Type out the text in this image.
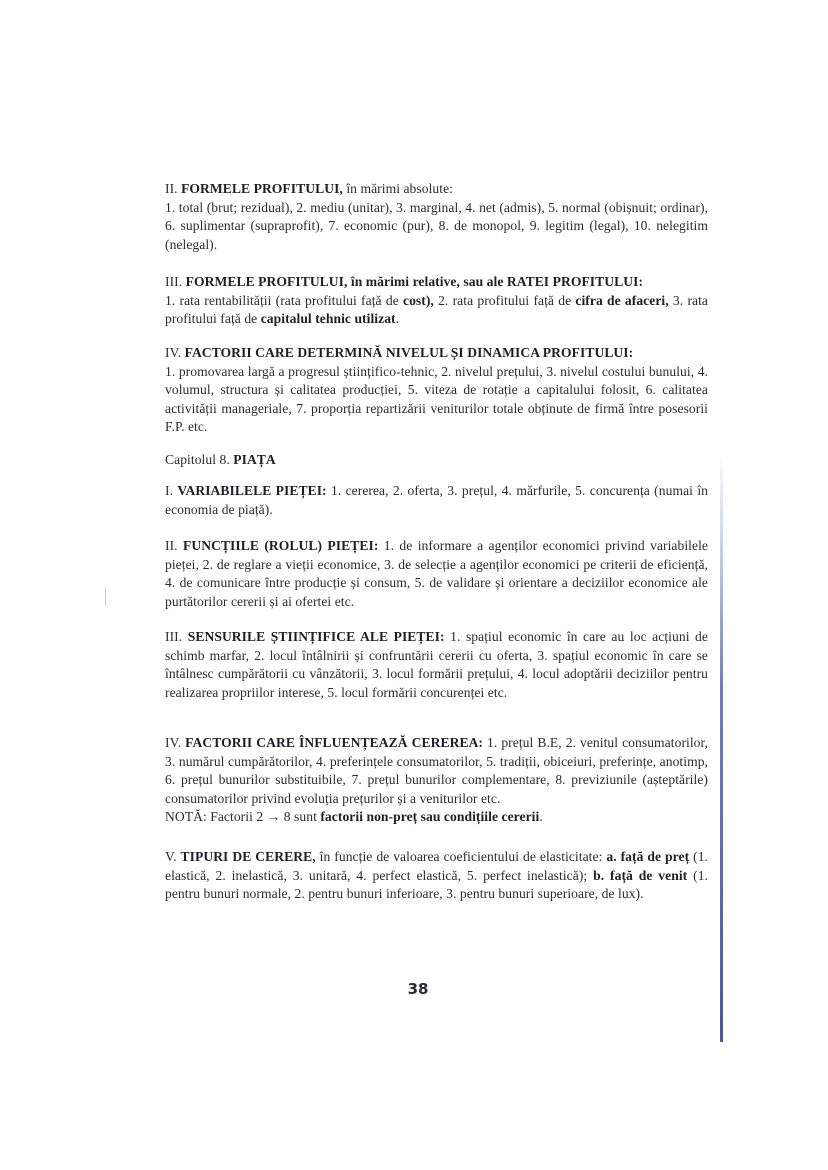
II. FORMELE PROFITULUI, în mărimi absolute:
1. total (brut; rezidual), 2. mediu (unitar), 3. marginal, 4. net (admis), 5. normal (obișnuit; ordinar), 6. suplimentar (supraprofit), 7. economic (pur), 8. de monopol, 9. legitim (legal), 10. nelegitim (nelegal).
III. FORMELE PROFITULUI, în mărimi relative, sau ale RATEI PROFITULUI:
1. rata rentabilității (rata profitului față de cost), 2. rata profitului față de cifra de afaceri, 3. rata profitului față de capitalul tehnic utilizat.
IV. FACTORII CARE DETERMINĂ NIVELUL ȘI DINAMICA PROFITULUI:
1. promovarea largă a progresul științifico-tehnic, 2. nivelul prețului, 3. nivelul costului bunului, 4. volumul, structura și calitatea producției, 5. viteza de rotație a capitalului folosit, 6. calitatea activității manageriale, 7. proporția repartizării veniturilor totale obținute de firmă între posesorii F.P. etc.
Capitolul 8. PIAȚA
I. VARIABILELE PIEȚEI: 1. cererea, 2. oferta, 3. prețul, 4. mărfurile, 5. concurența (numai în economia de piață).
II. FUNCȚIILE (ROLUL) PIEȚEI: 1. de informare a agenților economici privind variabilele pieței, 2. de reglare a vieții economice, 3. de selecție a agenților economici pe criterii de eficiență, 4. de comunicare între producție și consum, 5. de validare și orientare a deciziilor economice ale purtătorilor cererii și ai ofertei etc.
III. SENSURILE ȘTIINȚIFICE ALE PIEȚEI: 1. spațiul economic în care au loc acțiuni de schimb marfar, 2. locul întâlnirii și confruntării cererii cu oferta, 3. spațiul economic în care se întâlnesc cumpărătorii cu vânzătorii, 3. locul formării prețului, 4. locul adoptării deciziilor pentru realizarea propriilor interese, 5. locul formării concurenței etc.
IV. FACTORII CARE ÎNFLUENȚEAZĂ CEREREA: 1. prețul B.E, 2. venitul consumatorilor, 3. numărul cumpărătorilor, 4. preferințele consumatorilor, 5. tradiții, obiceiuri, preferințe, anotimp, 6. prețul bunurilor substituibile, 7. prețul bunurilor complementare, 8. previziunile (așteptările) consumatorilor privind evoluția prețurilor și a veniturilor etc.
NOTĂ: Factorii 2 → 8 sunt factorii non-preț sau condițiile cererii.
V. TIPURI DE CERERE, în funcție de valoarea coeficientului de elasticitate: a. față de preț (1. elastică, 2. inelastică, 3. unitară, 4. perfect elastică, 5. perfect inelastică); b. față de venit (1. pentru bunuri normale, 2. pentru bunuri inferioare, 3. pentru bunuri superioare, de lux).
38
